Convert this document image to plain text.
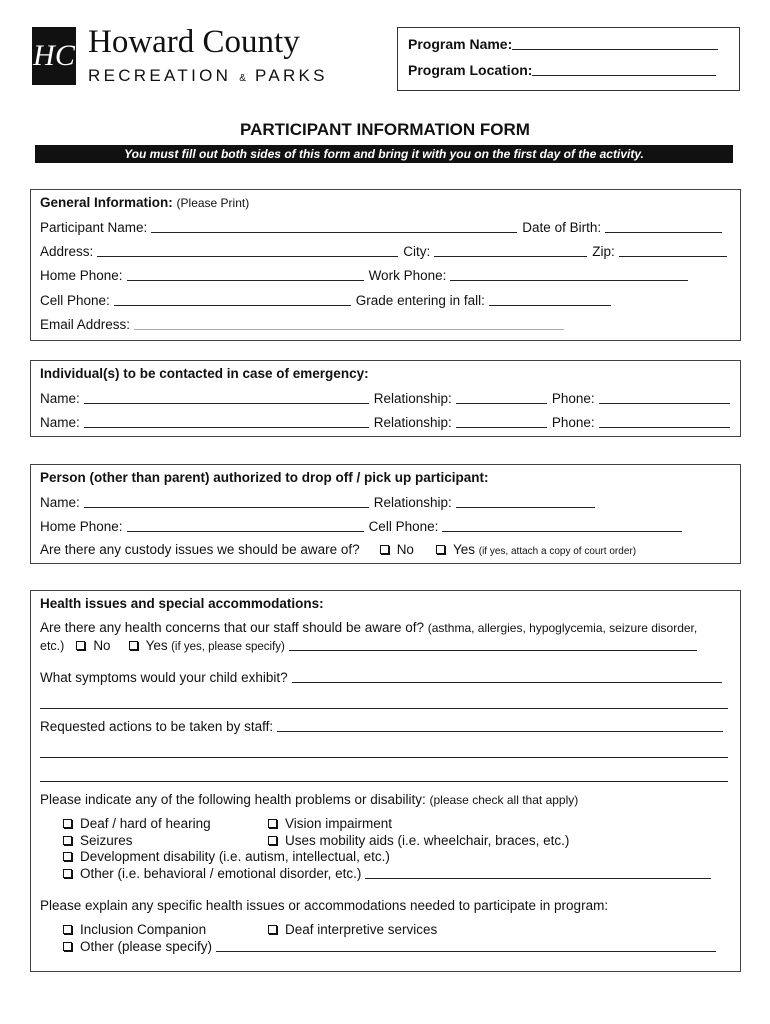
HC Howard County
RECREATION & PARKS
Program Name:
Program Location:
PARTICIPANT INFORMATION FORM
You must fill out both sides of this form and bring it with you on the first day of the activity.
General Information:
(Please Print)
Participant Name:	Date of Birth:
Address:	City:	Zip:
Home Phone:	Work Phone:
Cell Phone:	Grade entering in fall:
Email Address:
Individual(s) to be contacted in case of emergency:
Name:	Relationship:	Phone:
Name:	Relationship:	Phone:
Person (other than parent) authorized to drop off / pick up participant:
Name:	Relationship:
Home Phone:	Cell Phone:
Are there any custody issues we should be aware of?	No	Yes
(if yes, attach a copy of court order)
Health issues and special accommodations:
Are there any health concerns that our staff should be aware of?
(asthma, allergies, hypoglycemia, seizure disorder,
etc.) No	Yes
(if yes, please specify)
What symptoms would your child exhibit?
Requested actions to be taken by staff:
Please indicate any of the following health problems or disability:
(please check all that apply)
Deaf / hard of hearing	Vision impairment
Seizures	Uses mobility aids (i.e. wheelchair, braces, etc.)
Development disability (i.e. autism, intellectual, etc.)
Other (i.e. behavioral / emotional disorder, etc.)
Please explain any specific health issues or accommodations needed to participate in program:
Inclusion Companion	Deaf interpretive services
Other (please specify)
